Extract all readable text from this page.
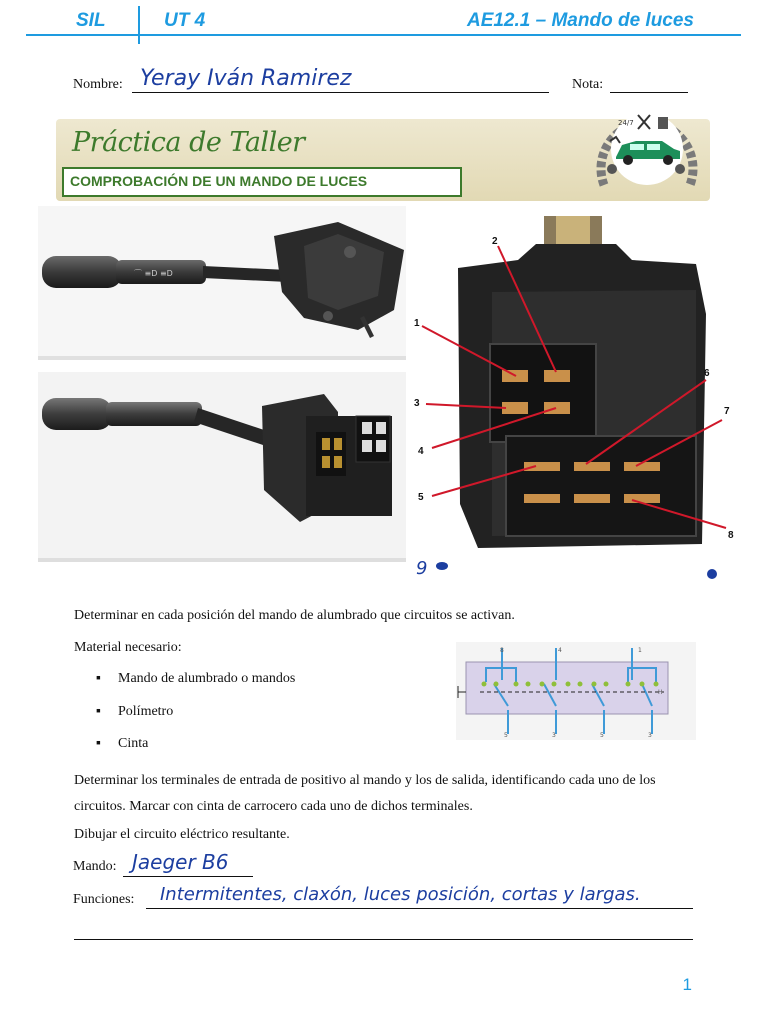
SIL	UT 4	AE12.1 – Mando de luces
Nombre: Yeray Iván Ramirez	Nota:
Práctica de Taller
COMPROBACIÓN DE UN MANDO DE LUCES
24/7
⌒ ≡D ≡D
1
2
3
4
5
6
7
8
9
Determinar en cada posición del mando de alumbrado que circuitos se activan.
Material necesario:
▪ Mando de alumbrado o mandos
▪ Polímetro
▪ Cinta
8	4	1
5	3	5	3
H
Determinar los terminales de entrada de positivo al mando y los de salida, identificando cada uno de los circuitos. Marcar con cinta de carrocero cada uno de dichos terminales.
Dibujar el circuito eléctrico resultante.
Mando: Jaeger B6
Funciones: Intermitentes, claxón, luces posición, cortas y largas.
1
